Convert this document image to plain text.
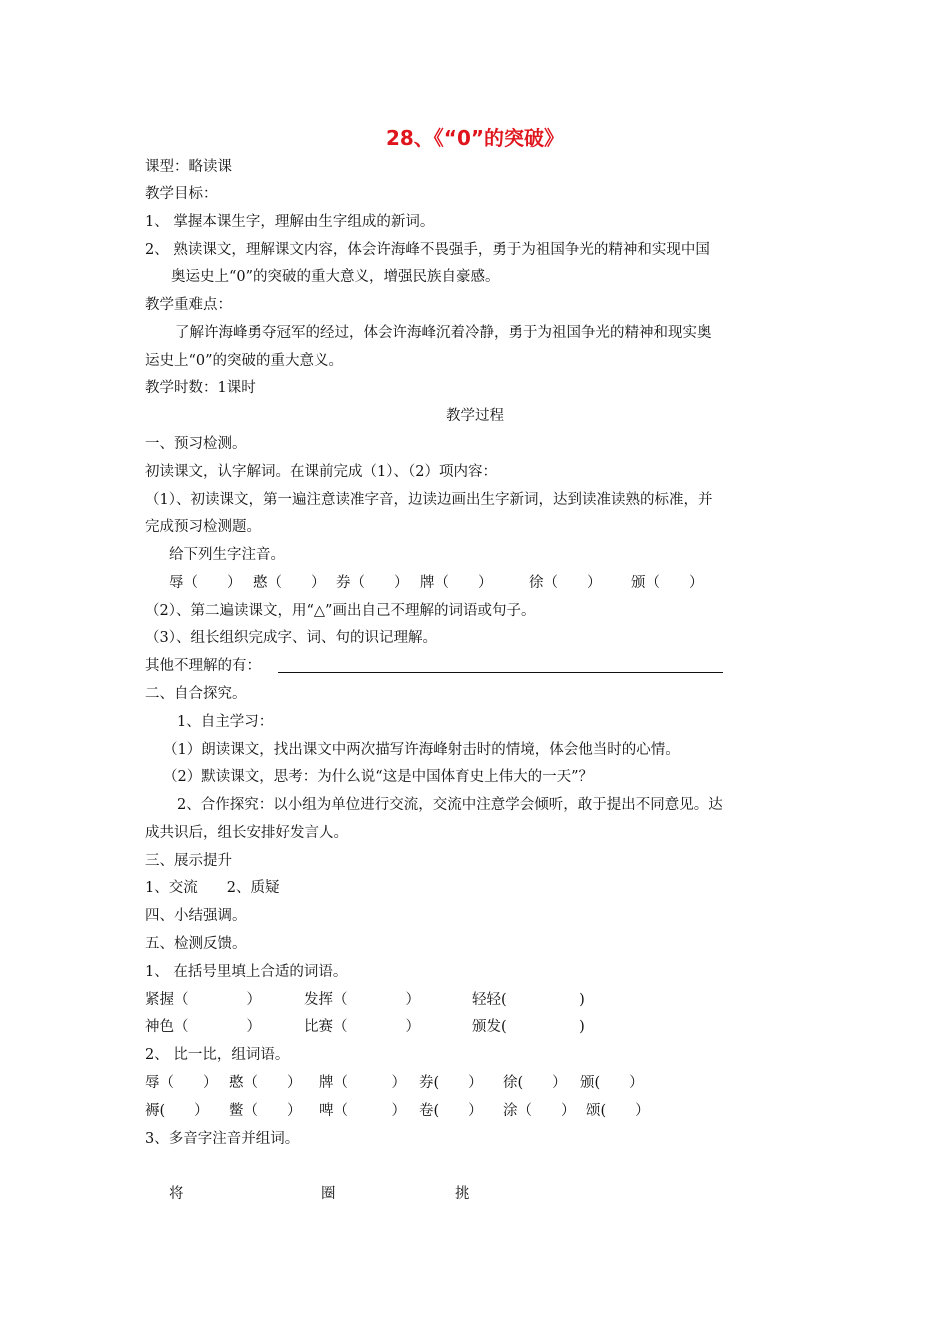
28、《“0”的突破》
课型：略读课
教学目标：
1、 掌握本课生字，理解由生字组成的新词。
2、 熟读课文，理解课文内容，体会许海峰不畏强手，勇于为祖国争光的精神和实现中国
奥运史上“0”的突破的重大意义，增强民族自豪感。
教学重难点：
了解许海峰勇夺冠军的经过，体会许海峰沉着冷静，勇于为祖国争光的精神和现实奥
运史上“0”的突破的重大意义。
教学时数：1课时
教学过程
一、预习检测。
初读课文，认字解词。在课前完成（1）、（2）项内容：
（1）、初读课文，第一遍注意读准字音，边读边画出生字新词，达到读准读熟的标准，并
完成预习检测题。
给下列生字注音。
辱（　　） 憨（　　） 券（　　） 牌（　　）	徐（　　） 颁（　　）
（2）、第二遍读课文，用“△”画出自己不理解的词语或句子。
（3）、组长组织完成字、词、句的识记理解。
其他不理解的有：
二、自合探究。
1、自主学习：
（1）朗读课文，找出课文中两次描写许海峰射击时的情境，体会他当时的心情。
（2）默读课文，思考：为什么说“这是中国体育史上伟大的一天”？
2、合作探究：以小组为单位进行交流，交流中注意学会倾听，敢于提出不同意见。达
成共识后，组长安排好发言人。
三、展示提升
1、交流　　2、质疑
四、小结强调。
五、检测反馈。
1、 在括号里填上合适的词语。
紧握（　　　　）	发挥（　　　　）	轻轻(　　　　　)
神色（　　　　）	比赛（　　　　）	颁发(　　　　　)
2、 比一比，组词语。
辱（　　） 憨（　　） 牌（　　　） 券(　　） 徐(　　） 颁(　　）
褥(　　） 鳖（　　） 啤（　　　） 卷(　　） 涂（　　） 颂(　　）
3、多音字注音并组词。
将	圈	挑
